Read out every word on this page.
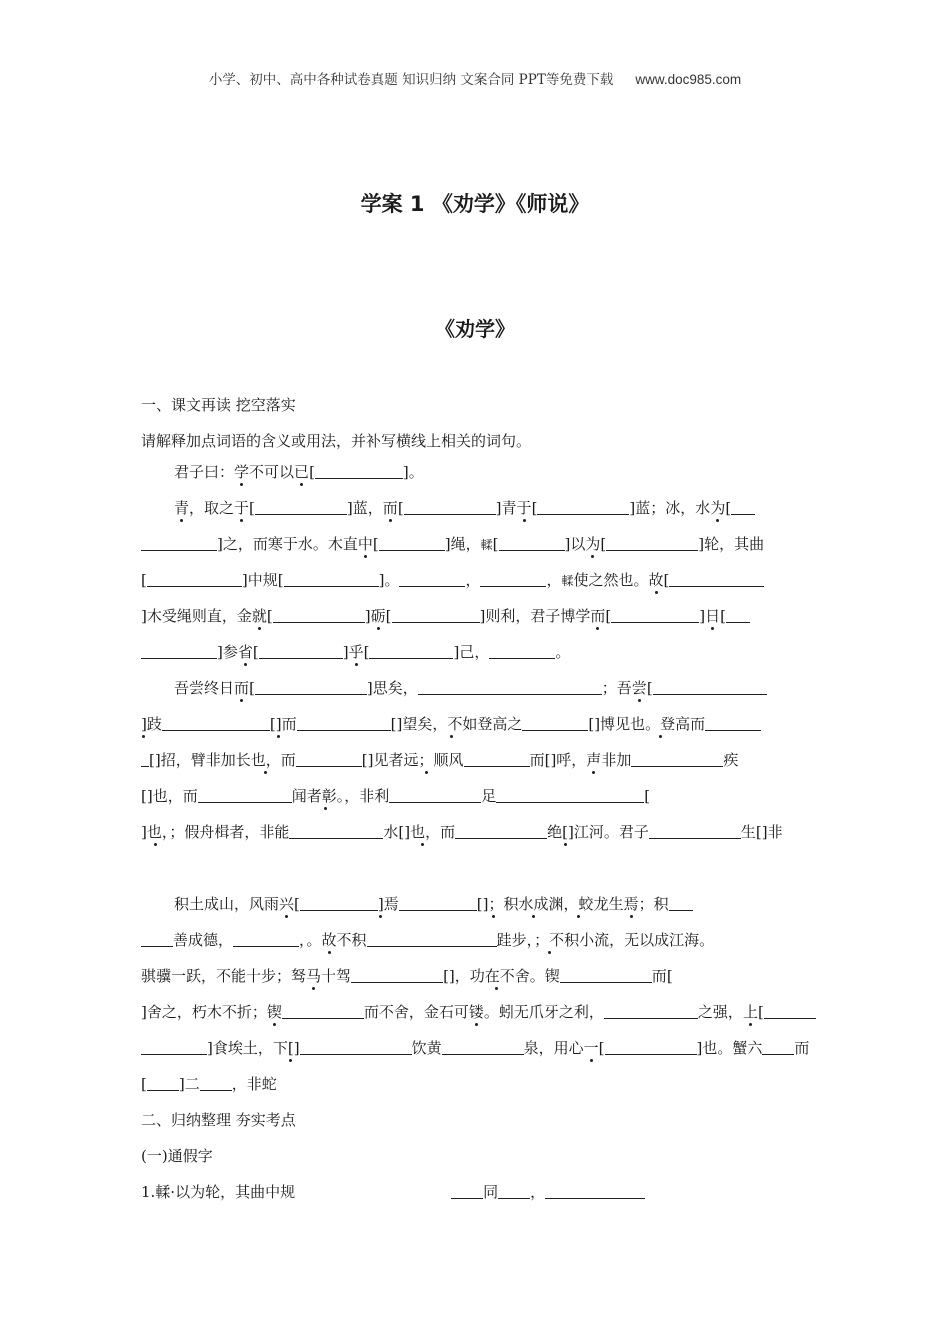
小学、初中、高中各种试卷真题 知识归纳 文案合同 PPT等免费下载 www.doc985.com
学案 1 《劝学》《师说》
《劝学》
一、课文再读 挖空落实
请解释加点词语的含义或用法，并补写横线上相关的词句。
君子曰：学不可以已[	]。
青，取之于[	]蓝，而[	]青于[	]蓝；冰，水为[
]之，而寒于水。木直中[	]绳，輮[	]以为[	]轮，其曲
[	]中规[	]。	，	，輮使之然也。故[
]木受绳则直，金就[	]砺[	]则利，君子博学而[	]日[
]参省[	]乎[	]己，	。
吾尝终日而[	]思矣，	；吾尝[
]跂	[]而	[]望矣，不如登高之	[]博见也。登高而
[]招，臂非加长也，而	[]见者远；顺风	而[]呼，声非加	疾
[]也，而	闻者彰。，非利	足	[
]也，；假舟楫者，非能	水[]也，而	绝[]江河。君子	生[]非
积土成山，风雨兴[	]焉	[]；积水成渊，蛟龙生焉；积
善成德，	，。故不积	跬步，；不积小流，无以成江海。
骐骥一跃，不能十步；驽马十驾	[]，功在不舍。锲	而[
]舍之，朽木不折；锲	而不舍，金石可镂。蚓无爪牙之利，	之强，上[
]食埃土，下[]	饮黄	泉，用心一[	]也。蟹六 而
[ ]二 ，非蛇
二、归纳整理 夯实考点
(一)通假字
1.輮·以为轮，其曲中规	同 ，
